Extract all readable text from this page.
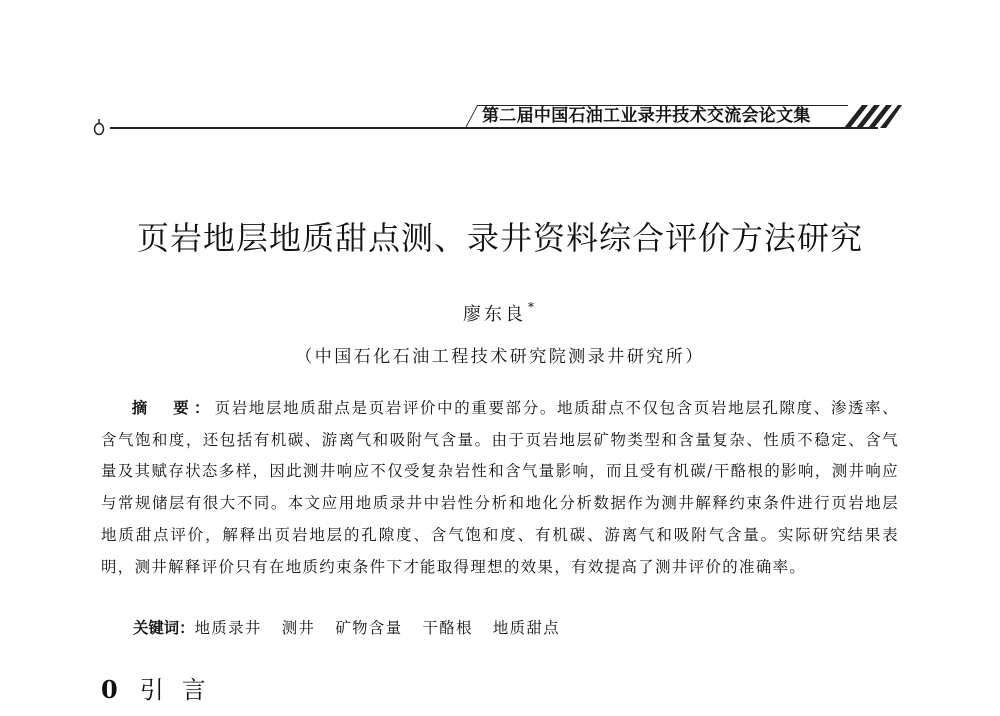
第二届中国石油工业录井技术交流会论文集
页岩地层地质甜点测、录井资料综合评价方法研究
廖东良 *
（中国石化石油工程技术研究院测录井研究所）

摘　要：页岩地层地质甜点是页岩评价中的重要部分。地质甜点不仅包含页岩地层孔隙度、渗透率、含气饱和度，还包括有机碳、游离气和吸附气含量。由于页岩地层矿物类型和含量复杂、性质不稳定、含气量及其赋存状态多样，因此测井响应不仅受复杂岩性和含气量影响，而且受有机碳/干酪根的影响，测井响应与常规储层有很大不同。本文应用地质录井中岩性分析和地化分析数据作为测井解释约束条件进行页岩地层地质甜点评价，解释出页岩地层的孔隙度、含气饱和度、有机碳、游离气和吸附气含量。实际研究结果表明，测井解释评价只有在地质约束条件下才能取得理想的效果，有效提高了测井评价的准确率。

关键词：地质录井 测井 矿物含量 干酪根 地质甜点
0 引言
